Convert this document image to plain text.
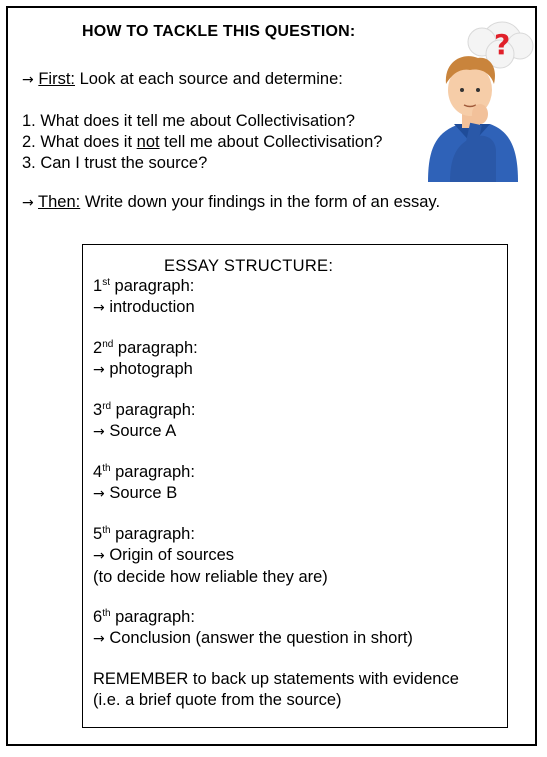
HOW TO TACKLE THIS QUESTION:
→ First: Look at each source and determine:
1. What does it tell me about Collectivisation?
2. What does it not tell me about Collectivisation?
3. Can I trust the source?
→ Then: Write down your findings in the form of an essay.
?
ESSAY STRUCTURE:
1st paragraph:
→ introduction
2nd paragraph:
→ photograph
3rd paragraph:
→ Source A
4th paragraph:
→ Source B
5th paragraph:
→ Origin of sources
(to decide how reliable they are)
6th paragraph:
→ Conclusion (answer the question in short)
REMEMBER to back up statements with evidence
(i.e. a brief quote from the source)
